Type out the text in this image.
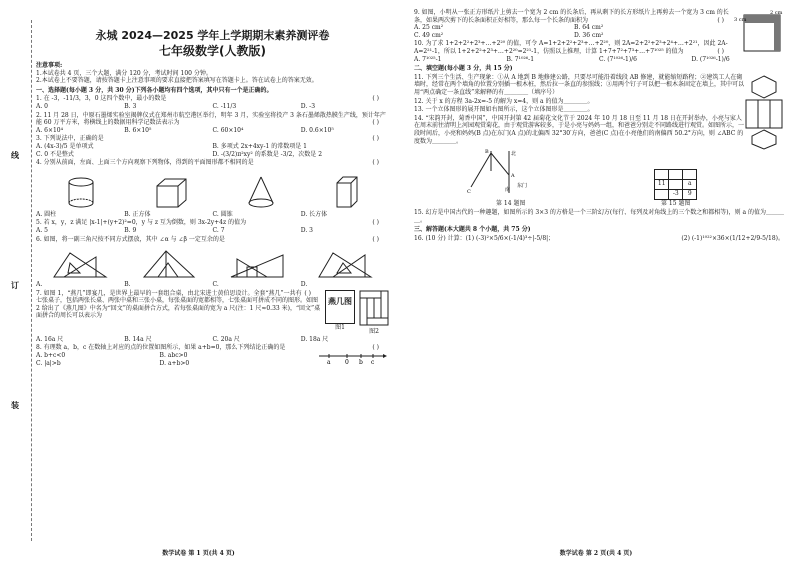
线
订
装
永城 2024—2025 学年上学期期末素养测评卷
七年级数学(人教版)
注意事项:
1.本试卷共 4 页，三个大题，满分 120 分，考试时间 100 分钟。
2.本试卷上不要答题，请按答题卡上注意事项的要求直接把答案填写在答题卡上。答在试卷上的答案无效。
一、选择题(每小题 3 分，共 30 分)下列各小题均有四个选项，其中只有一个是正确的。
( )
1. 在 -3，-11/3，3，0 这四个数中，最小的数是
A. 0	B. 3	C. -11/3	D. -3
2. 11 月 28 日，中原石墨烯实验室揭牌仪式在郑州市航空港区举行，明年 3 月，实验室将投产 3 条石墨烯散热膜生产线，预计年产能 60 万平方米，将横线上的数据用科学记数法表示为	( )
A. 6×10⁴	B. 6×10⁵	C. 60×10⁴	D. 0.6×10⁵
( )
3. 下列说法中，正确的是
A. (4x-3)/5 是单项式	B. 多项式 2x+4xy-1 的常数项是 1
C. 0 不是整式	D. -(3/2)π²xy² 的系数是 -3/2，次数是 2
( )
4. 分别从前面，左面、上面三个方向观察下列物体，得到的平面图形都不相同的是
A. 圆柱	B. 正方体	C. 圆锥	D. 长方体
( )
5. 若 x，y，z 满足 |x-1|+(y+2)²=0，y 与 z 互为倒数，则 3x-2y+4z 的值为
A. 5	B. 9	C. 7	D. 3
( )
6. 如图，将一副三角尺按不同方式摆放，其中 ∠α 与 ∠β 一定互余的是
A.	B.	C.	D.
燕几图
图1
图2
( )
7. 如图 1，“燕几”即宴几，是世界上最早的一套组合桌，由北宋进士黄伯思设计。全套“燕几”一共有七张桌子，包括两张长桌、两张中桌和三张小桌，每张桌面的宽都相等，七张桌面可拼成不同的图形。如图 2 给出了《燕几图》中名为“回文”的桌面拼合方式，若每张桌面的宽为 a 尺(注：1 尺≈0.33 米)，“回文”桌面拼合的周长可以表示为
A. 16a 尺	B. 14a 尺	C. 20a 尺	D. 18a 尺
( )
8. 有理数 a，b，c 在数轴上对应的点的位置如图所示，如果 a+b=0，那么下列结论正确的是
A. b+c<0
C. |a|>b
B. abc>0
D. a+b>0	a 0 b c
数学试卷 第 1 页(共 4 页)
2 cm
3 cm
9. 如图，小明从一张正方形纸片上剪去一个宽为 2 cm 的长条后，再从剩下的长方形纸片上再剪去一个宽为 3 cm 的长条，如果两次剪下的长条面积正好相等，那么每一个长条的面积为	( )
A. 25 cm²	B. 64 cm²
C. 49 cm²	D. 36 cm²
10. 为了求 1+2+2²+2³+…+2²⁰ 的值，可令 A=1+2+2²+2³+…+2²⁰，则 2A=2+2²+2³+2⁴+…+2²¹，因此 2A-A=2²¹-1，所以 1+2+2²+2³+…+2²⁰=2²¹-1，仿照以上推理，计算 1+7+7²+7³+…+7¹⁰²⁵ 的值为	( )
A. 7¹⁰²⁵-1	B. 7¹⁰²⁶-1	C. (7¹⁰²⁶-1)/6	D. (7¹⁰²⁶-1)/6
二、填空题(每小题 3 分，共 15 分)
11. 下列三个生活、生产现象：①从 A 地到 B 地修建公路，只要尽可能沿着线段 AB 修建，就能缩短路程；②建筑工人在砌墙时，经常在两个墙角的位置分别插一根木桩，然后拉一条直的参照线；③用两个钉子可以把一根木条固定在墙上，其中可以用“两点确定一条直线”来解释的有＿＿＿＿（填序号）
12. 关于 x 的方程 3a-2x=-5 的解为 x=4，则 a 的值为＿＿＿＿。
13. 一个立体图形的展开图如右图所示，这个立体图形是＿＿＿＿。
14. “宋韵开封，菊香中国”，中国开封第 42 届菊花文化节于 2024 年 10 月 18 日至 11 月 18 日在开封举办，小亮与家人在周末前往清明上河园观赏菊花，由于观赏游客较多，于是小亮与妈妈一组，和爸爸分别走不同路线进行观赏。如图所示，一段时间后，小亮和妈妈(B 点)在东门(A 点)的北偏西 32°30′方向，爸爸(C 点)在小亮他们的南偏西 50.2°方向，则 ∠ABC 的度数为＿＿＿＿。
北
B
A
C	南
东门
第 14 题图

11		a
	-3	9
第 15 题图
15. 幻方是中国古代的一种趣题，如图所示的 3×3 的方格是一个三阶幻方(每行、每列及对角线上的三个数之和都相等)，则 a 的值为＿＿＿＿。
三、解答题(本大题共 8 个小题，共 75 分)
16. (10 分) 计算：(1) (-3)²×5/6×(-1/4)³÷|-5/8|；	(2) (-1)¹⁰²²×36×(1/12+2/9-5/18)。
数学试卷 第 2 页(共 4 页)
